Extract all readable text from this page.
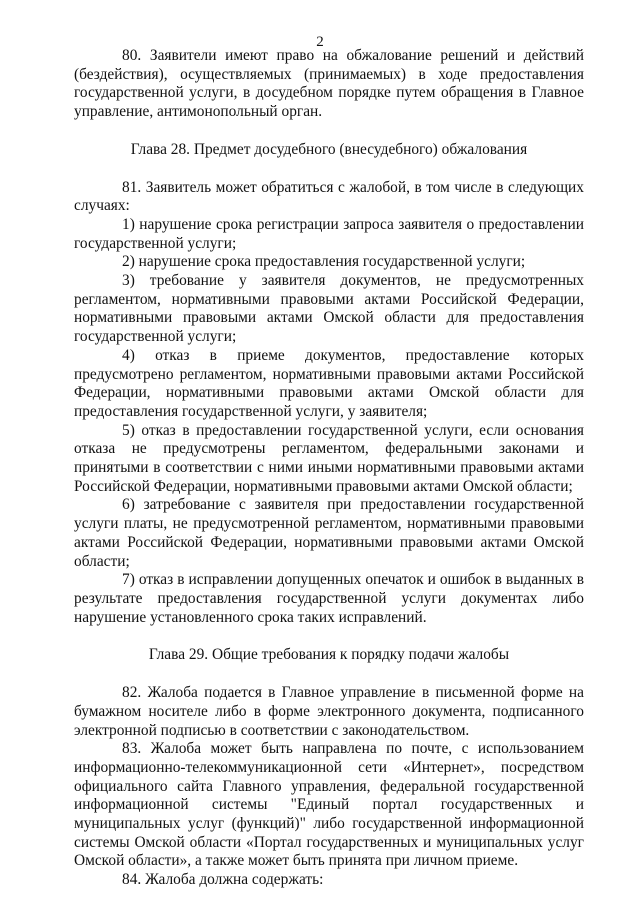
2

80. Заявители имеют право на обжалование решений и действий (бездействия), осуществляемых (принимаемых) в ходе предоставления государственной услуги, в досудебном порядке путем обращения в Главное управление, антимонопольный орган.

Глава 28. Предмет досудебного (внесудебного) обжалования

81. Заявитель может обратиться с жалобой, в том числе в следующих случаях:

1) нарушение срока регистрации запроса заявителя о предоставлении государственной услуги;

2) нарушение срока предоставления государственной услуги;

3) требование у заявителя документов, не предусмотренных регламентом, нормативными правовыми актами Российской Федерации, нормативными правовыми актами Омской области для предоставления государственной услуги;

4) отказ в приеме документов, предоставление которых предусмотрено регламентом, нормативными правовыми актами Российской Федерации, нормативными правовыми актами Омской области для предоставления государственной услуги, у заявителя;

5) отказ в предоставлении государственной услуги, если основания отказа не предусмотрены регламентом, федеральными законами и принятыми в соответствии с ними иными нормативными правовыми актами Российской Федерации, нормативными правовыми актами Омской области;

6) затребование с заявителя при предоставлении государственной услуги платы, не предусмотренной регламентом, нормативными правовыми актами Российской Федерации, нормативными правовыми актами Омской области;

7) отказ в исправлении допущенных опечаток и ошибок в выданных в результате предоставления государственной услуги документах либо нарушение установленного срока таких исправлений.

Глава 29. Общие требования к порядку подачи жалобы

82. Жалоба подается в Главное управление в письменной форме на бумажном носителе либо в форме электронного документа, подписанного электронной подписью в соответствии с законодательством.

83. Жалоба может быть направлена по почте, с использованием информационно-телекоммуникационной сети «Интернет», посредством официального сайта Главного управления, федеральной государственной информационной системы "Единый портал государственных и муниципальных услуг (функций)" либо государственной информационной системы Омской области «Портал государственных и муниципальных услуг Омской области», а также может быть принята при личном приеме.

84. Жалоба должна содержать:
